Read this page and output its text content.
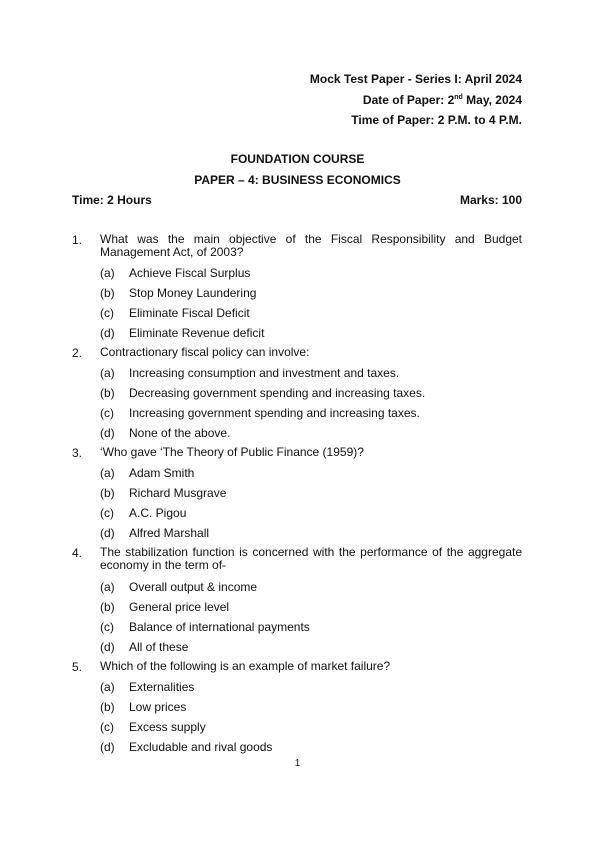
Mock Test Paper - Series I: April 2024
Date of Paper: 2nd May, 2024
Time of Paper: 2 P.M. to 4 P.M.
FOUNDATION COURSE
PAPER – 4: BUSINESS ECONOMICS
Time: 2 Hours	Marks: 100
1. What was the main objective of the Fiscal Responsibility and Budget Management Act, of 2003?
(a) Achieve Fiscal Surplus
(b) Stop Money Laundering
(c) Eliminate Fiscal Deficit
(d) Eliminate Revenue deficit
2. Contractionary fiscal policy can involve:
(a) Increasing consumption and investment and taxes.
(b) Decreasing government spending and increasing taxes.
(c) Increasing government spending and increasing taxes.
(d) None of the above.
3. ‘Who gave ‘The Theory of Public Finance (1959)?
(a) Adam Smith
(b) Richard Musgrave
(c) A.C. Pigou
(d) Alfred Marshall
4. The stabilization function is concerned with the performance of the aggregate economy in the term of-
(a) Overall output & income
(b) General price level
(c) Balance of international payments
(d) All of these
5. Which of the following is an example of market failure?
(a) Externalities
(b) Low prices
(c) Excess supply
(d) Excludable and rival goods
1
